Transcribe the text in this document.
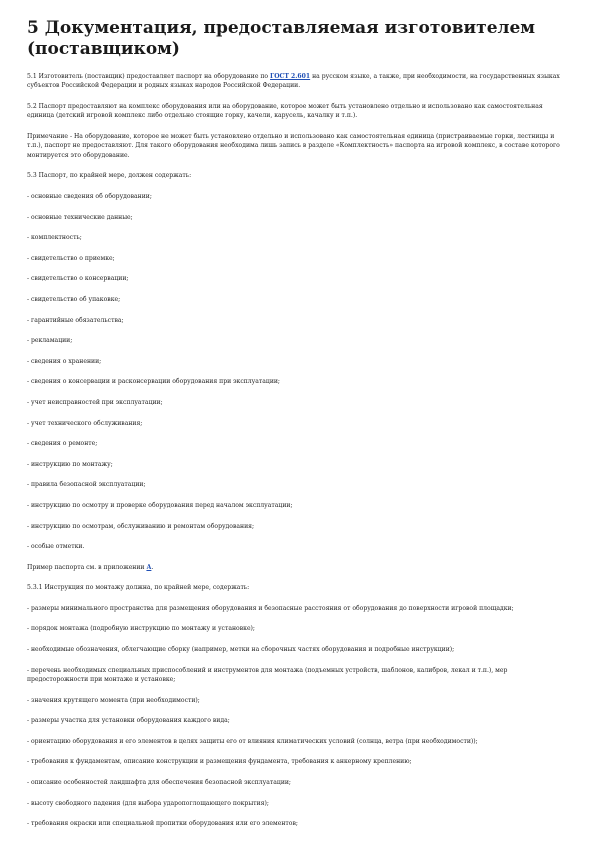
5 Документация, предоставляемая изготовителем (поставщиком)
5.1 Изготовитель (поставщик) предоставляет паспорт на оборудование по ГОСТ 2.601 на русском языке, а также, при необходимости, на государственных языках субъектов Российской Федерации и родных языках народов Российской Федерации.
5.2 Паспорт предоставляют на комплекс оборудования или на оборудование, которое может быть установлено отдельно и использовано как самостоятельная единица (детский игровой комплекс либо отдельно стоящие горку, качели, карусель, качалку и т.п.).
Примечание - На оборудование, которое не может быть установлено отдельно и использовано как самостоятельная единица (пристраиваемые горки, лестницы и т.п.), паспорт не предоставляют. Для такого оборудования необходима лишь запись в разделе «Комплектность» паспорта на игровой комплекс, в составе которого монтируется это оборудование.
5.3 Паспорт, по крайней мере, должен содержать:
- основные сведения об оборудовании;
- основные технические данные;
- комплектность;
- свидетельство о приемке;
- свидетельство о консервации;
- свидетельство об упаковке;
- гарантийные обязательства;
- рекламации;
- сведения о хранении;
- сведения о консервации и расконсервации оборудования при эксплуатации;
- учет неисправностей при эксплуатации;
- учет технического обслуживания;
- сведения о ремонте;
- инструкцию по монтажу;
- правила безопасной эксплуатации;
- инструкцию по осмотру и проверке оборудования перед началом эксплуатации;
- инструкцию по осмотрам, обслуживанию и ремонтам оборудования;
- особые отметки.
Пример паспорта см. в приложении А.
5.3.1 Инструкция по монтажу должна, по крайней мере, содержать:
- размеры минимального пространства для размещения оборудования и безопасные расстояния от оборудования до поверхности игровой площадки;
- порядок монтажа (подробную инструкцию по монтажу и установке);
- необходимые обозначения, облегчающие сборку (например, метки на сборочных частях оборудования и подробные инструкции);
- перечень необходимых специальных приспособлений и инструментов для монтажа (подъемных устройств, шаблонов, калибров, лекал и т.п.), мер предосторожности при монтаже и установке;
- значения крутящего момента (при необходимости);
- размеры участка для установки оборудования каждого вида;
- ориентацию оборудования и его элементов в целях защиты его от влияния климатических условий (солнца, ветра (при необходимости));
- требования к фундаментам, описание конструкции и размещения фундамента, требования к анкерному креплению;
- описание особенностей ландшафта для обеспечения безопасной эксплуатации;
- высоту свободного падения (для выбора ударопоглощающего покрытия);
- требования окраски или специальной пропитки оборудования или его элементов;
